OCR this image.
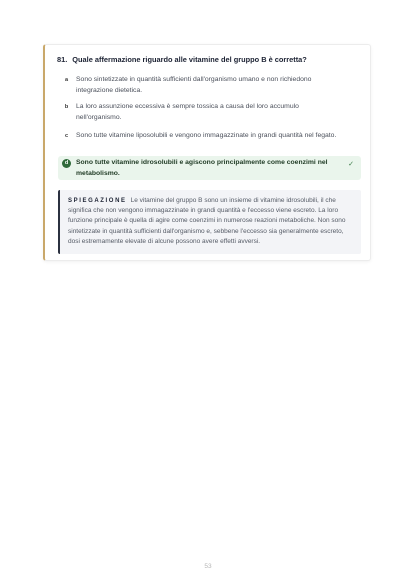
81. Quale affermazione riguardo alle vitamine del gruppo B è corretta?
a	Sono sintetizzate in quantità sufficienti dall'organismo umano e non richiedono integrazione dietetica.
b	La loro assunzione eccessiva è sempre tossica a causa del loro accumulo nell'organismo.
c	Sono tutte vitamine liposolubili e vengono immagazzinate in grandi quantità nel fegato.
d	Sono tutte vitamine idrosolubili e agiscono principalmente come coenzimi nel metabolismo.
✓
SPIEGAZIONE Le vitamine del gruppo B sono un insieme di vitamine idrosolubili, il che significa che non vengono immagazzinate in grandi quantità e l'eccesso viene escreto. La loro funzione principale è quella di agire come coenzimi in numerose reazioni metaboliche. Non sono sintetizzate in quantità sufficienti dall'organismo e, sebbene l'eccesso sia generalmente escreto, dosi estremamente elevate di alcune possono avere effetti avversi.
53
